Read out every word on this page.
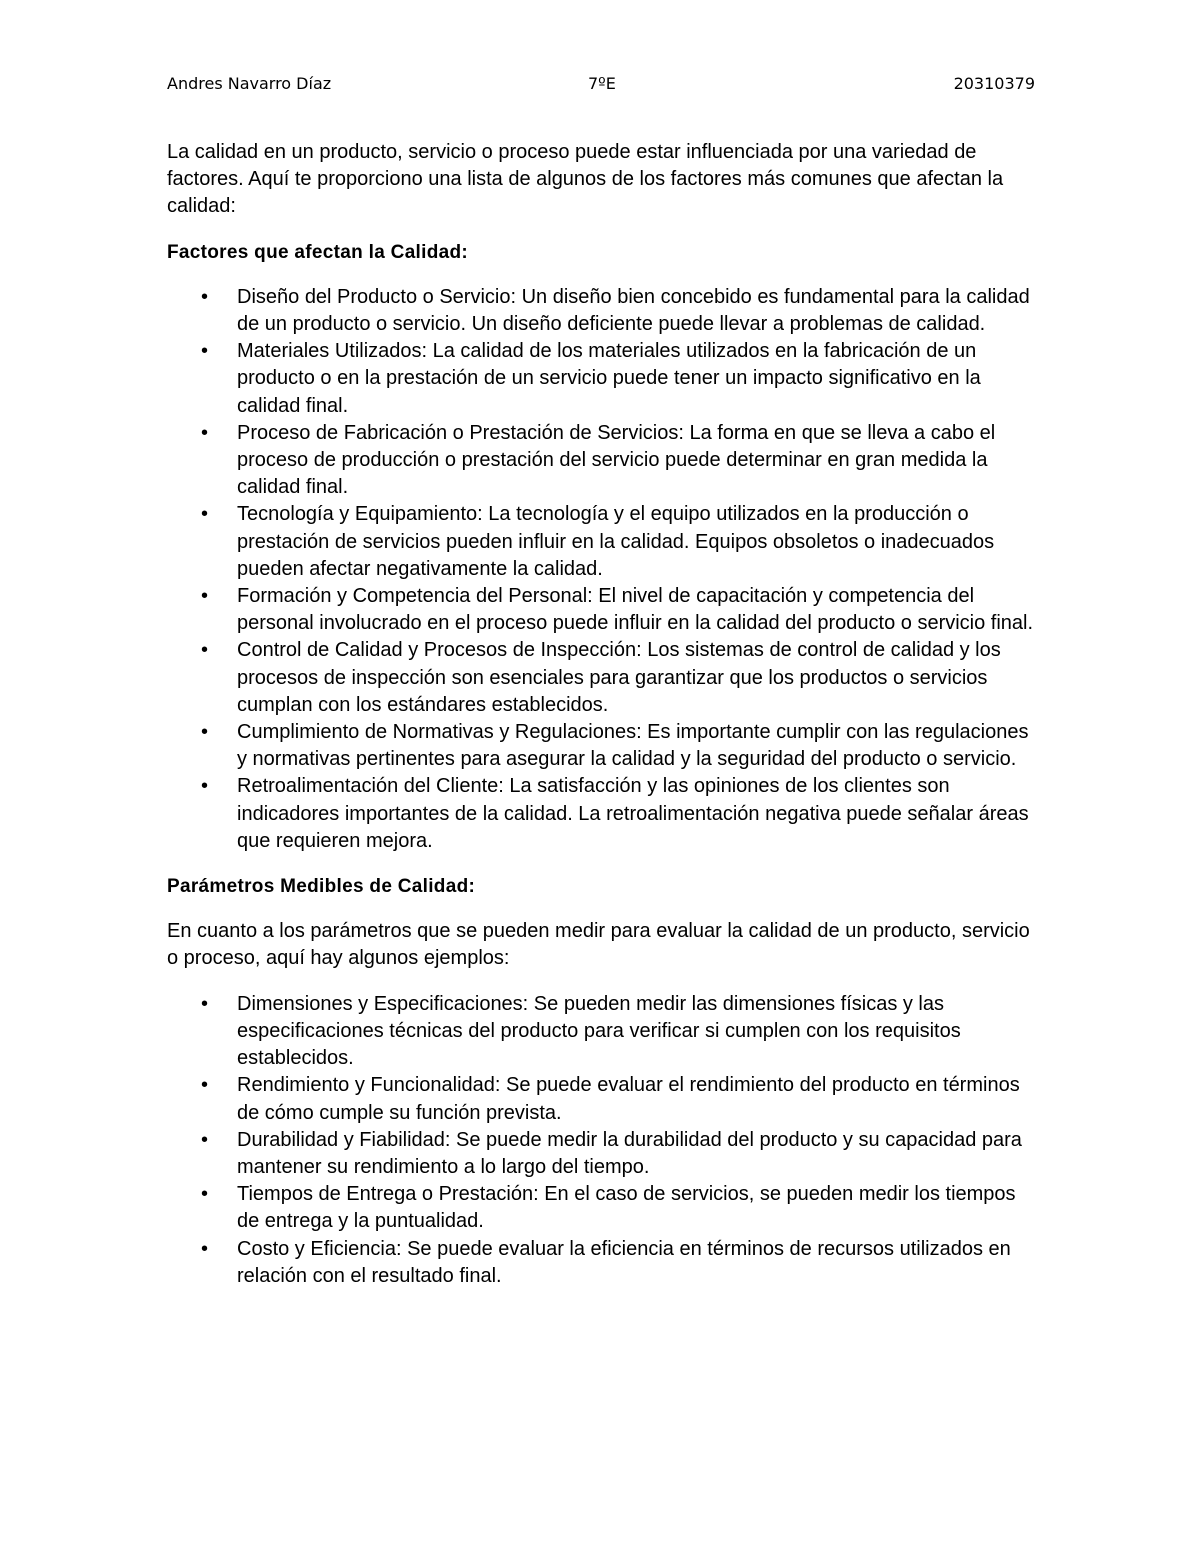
Andres Navarro Díaz	7ºE	20310379

La calidad en un producto, servicio o proceso puede estar influenciada por una variedad de factores. Aquí te proporciono una lista de algunos de los factores más comunes que afectan la calidad:

Factores que afectan la Calidad:

• Diseño del Producto o Servicio: Un diseño bien concebido es fundamental para la calidad de un producto o servicio. Un diseño deficiente puede llevar a problemas de calidad.
• Materiales Utilizados: La calidad de los materiales utilizados en la fabricación de un producto o en la prestación de un servicio puede tener un impacto significativo en la calidad final.
• Proceso de Fabricación o Prestación de Servicios: La forma en que se lleva a cabo el proceso de producción o prestación del servicio puede determinar en gran medida la calidad final.
• Tecnología y Equipamiento: La tecnología y el equipo utilizados en la producción o prestación de servicios pueden influir en la calidad. Equipos obsoletos o inadecuados pueden afectar negativamente la calidad.
• Formación y Competencia del Personal: El nivel de capacitación y competencia del personal involucrado en el proceso puede influir en la calidad del producto o servicio final.
• Control de Calidad y Procesos de Inspección: Los sistemas de control de calidad y los procesos de inspección son esenciales para garantizar que los productos o servicios cumplan con los estándares establecidos.
• Cumplimiento de Normativas y Regulaciones: Es importante cumplir con las regulaciones y normativas pertinentes para asegurar la calidad y la seguridad del producto o servicio.
• Retroalimentación del Cliente: La satisfacción y las opiniones de los clientes son indicadores importantes de la calidad. La retroalimentación negativa puede señalar áreas que requieren mejora.

Parámetros Medibles de Calidad:

En cuanto a los parámetros que se pueden medir para evaluar la calidad de un producto, servicio o proceso, aquí hay algunos ejemplos:

• Dimensiones y Especificaciones: Se pueden medir las dimensiones físicas y las especificaciones técnicas del producto para verificar si cumplen con los requisitos establecidos.
• Rendimiento y Funcionalidad: Se puede evaluar el rendimiento del producto en términos de cómo cumple su función prevista.
• Durabilidad y Fiabilidad: Se puede medir la durabilidad del producto y su capacidad para mantener su rendimiento a lo largo del tiempo.
• Tiempos de Entrega o Prestación: En el caso de servicios, se pueden medir los tiempos de entrega y la puntualidad.
• Costo y Eficiencia: Se puede evaluar la eficiencia en términos de recursos utilizados en relación con el resultado final.
